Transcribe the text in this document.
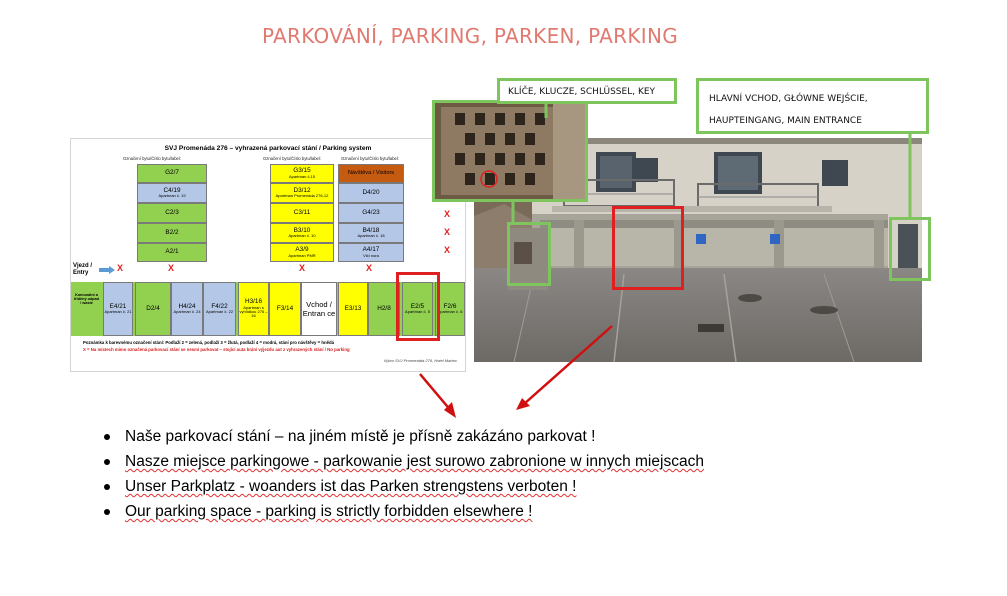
PARKOVÁNÍ, PARKING, PARKEN, PARKING
SVJ Promenáda 276 – vyhrazená parkovací stání / Parking system
Označení bytu/Číslo bytu/label:	Označení bytu/Číslo bytu/label:	Označení bytu/Číslo bytu/label:
G2/7
C4/19
Apartman č. 19
C2/3
B2/2
A2/1
G3/15
Apartman č.15
D3/12
Apartman Promenáda 276-12
C3/11
B3/10
Apartman č. 10
A3/9
Apartman PMR
Návštěva / Visitors
D4/20
G4/23
B4/18
Apartman č. 18
A4/17
Vlčí nora
X
X
X
X	X	X	X
Vjezd / Entry
Komunální a tříděný odpad / waste	E4/21
Apartman č. 21
D2/4	H4/24
Apartman č. 24
F4/22
Apartman č. 22
H3/16
Apartman s vyhlídkou 276 – 16
F3/14	Vchod / Entran ce
E3/13 H2/8	E2/5
Apartman č. 5
F2/6
Apartman č. 6
Poznámka k barevnému označení stání: Podlaží 2 = zelená, podlaží 3 = žlutá, podlaží 4 = modrá, stání pro návštěvy = hnědá
X = Na místech mimo označená parkovací stání se nesmí parkovat – stojící auta brání výjezdu aut z vyhrazených stání / No parking
Výbor SVJ Promenáda 276, Hotel Martov
KLÍČE, KLUCZE, SCHLÜSSEL, KEY
HLAVNÍ VCHOD, GŁÓWNE WEJŚCIE,
HAUPTEINGANG, MAIN ENTRANCE
Naše parkovací stání – na jiném místě je přísně zakázáno parkovat !
Nasze miejsce parkingowe - parkowanie jest surowo zabronione w innych miejscach
Unser Parkplatz - woanders ist das Parken strengstens verboten !
Our parking space - parking is strictly forbidden elsewhere !
